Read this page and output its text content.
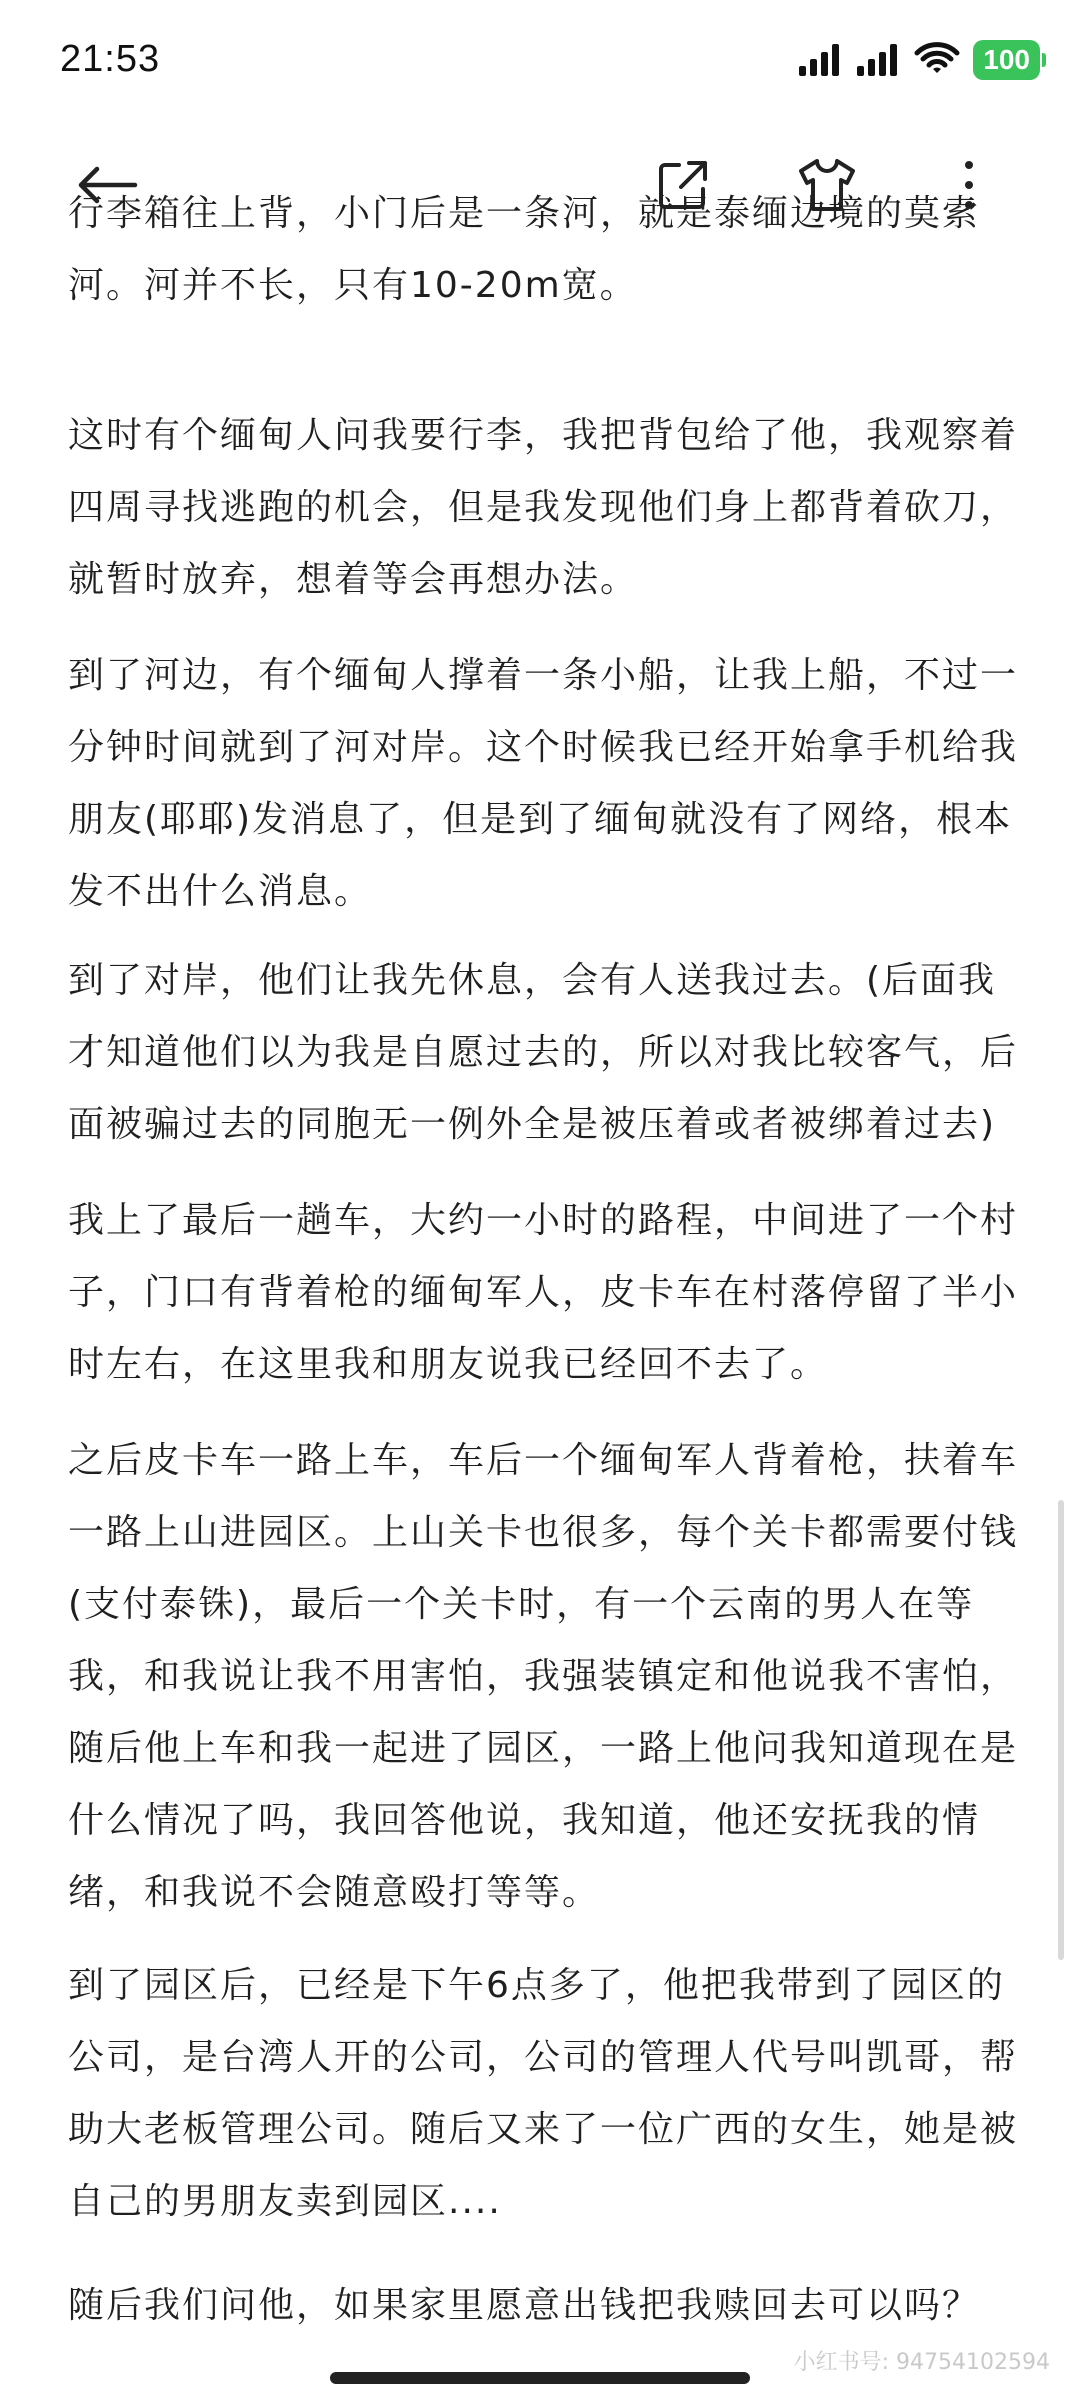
21:53	100

行李箱往上背，小门后是一条河，就是泰缅边境的莫索

河。河并不长，只有10-20m宽。

这时有个缅甸人问我要行李，我把背包给了他，我观察着四周寻找逃跑的机会，但是我发现他们身上都背着砍刀，就暂时放弃，想着等会再想办法。

到了河边，有个缅甸人撑着一条小船，让我上船，不过一分钟时间就到了河对岸。这个时候我已经开始拿手机给我朋友(耶耶)发消息了，但是到了缅甸就没有了网络，根本发不出什么消息。

到了对岸，他们让我先休息，会有人送我过去。(后面我才知道他们以为我是自愿过去的，所以对我比较客气，后面被骗过去的同胞无一例外全是被压着或者被绑着过去)

我上了最后一趟车，大约一小时的路程，中间进了一个村子，门口有背着枪的缅甸军人，皮卡车在村落停留了半小时左右，在这里我和朋友说我已经回不去了。

之后皮卡车一路上车，车后一个缅甸军人背着枪，扶着车一路上山进园区。上山关卡也很多，每个关卡都需要付钱(支付泰铢)，最后一个关卡时，有一个云南的男人在等我，和我说让我不用害怕，我强装镇定和他说我不害怕，随后他上车和我一起进了园区，一路上他问我知道现在是什么情况了吗，我回答他说，我知道，他还安抚我的情绪，和我说不会随意殴打等等。

到了园区后，已经是下午6点多了，他把我带到了园区的公司，是台湾人开的公司，公司的管理人代号叫凯哥，帮助大老板管理公司。随后又来了一位广西的女生，她是被自己的男朋友卖到园区....

随后我们问他，如果家里愿意出钱把我赎回去可以吗？

小红书号: 94754102594
